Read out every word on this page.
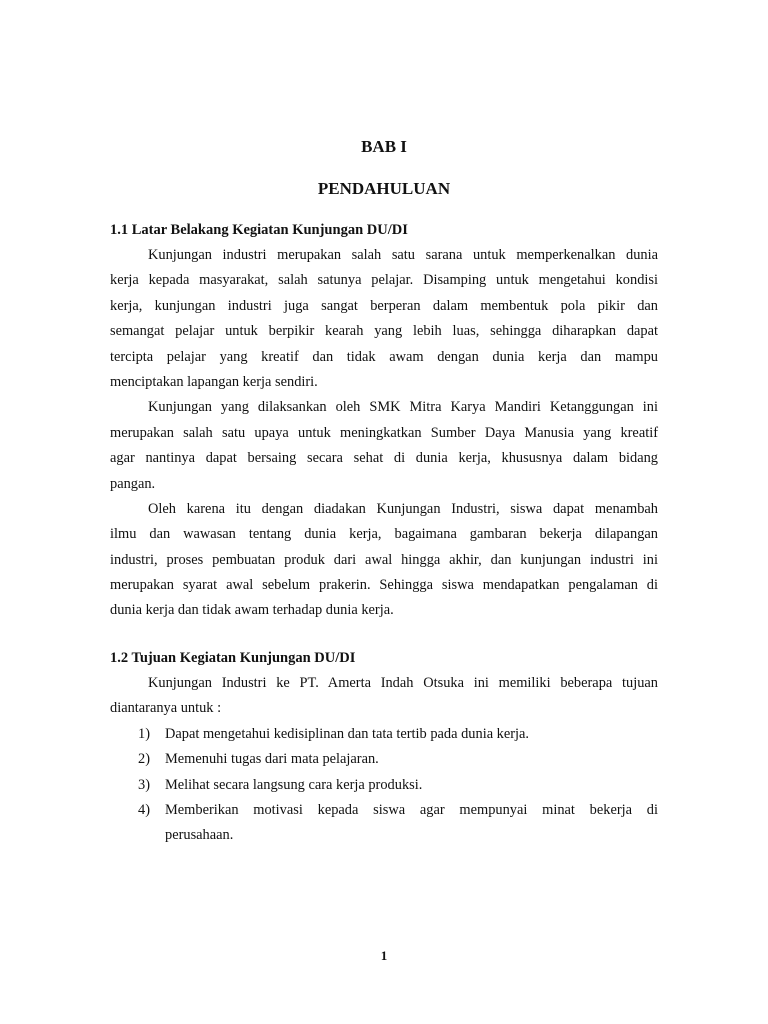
BAB I
PENDAHULUAN
1.1 Latar Belakang Kegiatan Kunjungan DU/DI

Kunjungan industri merupakan salah satu sarana untuk memperkenalkan dunia
kerja kepada masyarakat, salah satunya pelajar. Disamping untuk mengetahui kondisi
kerja, kunjungan industri juga sangat berperan dalam membentuk pola pikir dan
semangat pelajar untuk berpikir kearah yang lebih luas, sehingga diharapkan dapat
tercipta pelajar yang kreatif dan tidak awam dengan dunia kerja dan mampu
menciptakan lapangan kerja sendiri.

Kunjungan yang dilaksankan oleh SMK Mitra Karya Mandiri Ketanggungan ini
merupakan salah satu upaya untuk meningkatkan Sumber Daya Manusia yang kreatif
agar nantinya dapat bersaing secara sehat di dunia kerja, khususnya dalam bidang
pangan.

Oleh karena itu dengan diadakan Kunjungan Industri, siswa dapat menambah
ilmu dan wawasan tentang dunia kerja, bagaimana gambaran bekerja dilapangan
industri, proses pembuatan produk dari awal hingga akhir, dan kunjungan industri ini
merupakan syarat awal sebelum prakerin. Sehingga siswa mendapatkan pengalaman di
dunia kerja dan tidak awam terhadap dunia kerja.

1.2 Tujuan Kegiatan Kunjungan DU/DI

Kunjungan Industri ke PT. Amerta Indah Otsuka ini memiliki beberapa tujuan
diantaranya untuk :

1) Dapat mengetahui kedisiplinan dan tata tertib pada dunia kerja.
2) Memenuhi tugas dari mata pelajaran.
3) Melihat secara langsung cara kerja produksi.
4) Memberikan motivasi kepada siswa agar mempunyai minat bekerja di
perusahaan.
1
